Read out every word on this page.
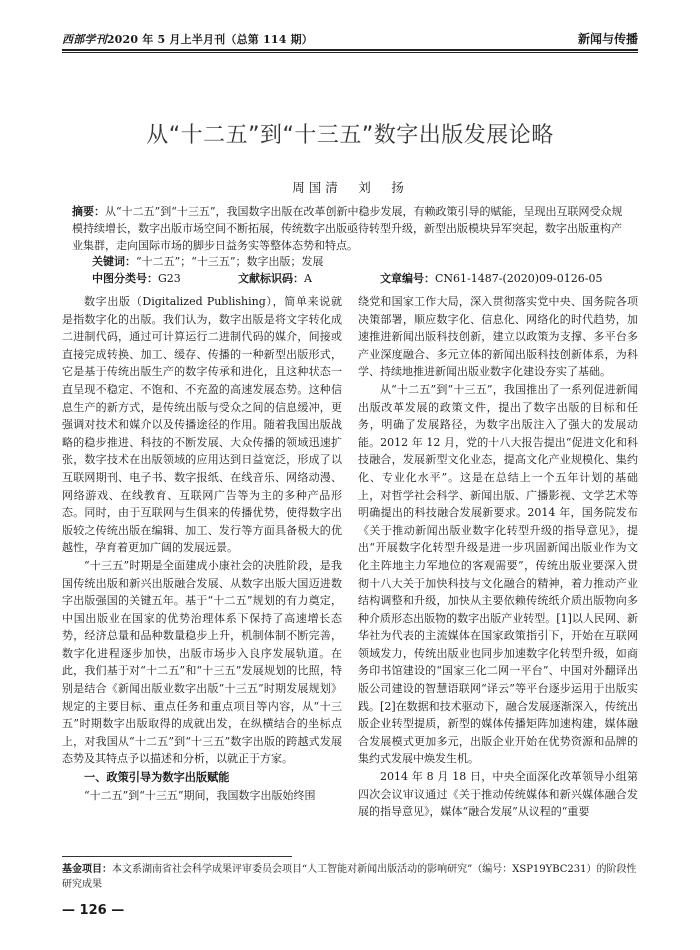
西部学刊2020 年 5 月上半月刊（总第 114 期）	新闻与传播
从“十二五”到“十三五”数字出版发展论略
周国清　刘　扬
摘要：从“十二五”到“十三五”，我国数字出版在改革创新中稳步发展，有赖政策引导的赋能，呈现出互联网受众规模持续增长，数字出版市场空间不断拓展，传统数字出版亟待转型升级，新型出版模块异军突起，数字出版重构产业集群，走向国际市场的脚步日益务实等整体态势和特点。
关键词：“十二五”；“十三五”；数字出版；发展
中图分类号：G23	文献标识码：A	文章编号：CN61-1487-(2020)09-0126-05

数字出版（Digitalized Publishing），简单来说就是指数字化的出版。我们认为，数字出版是将文字转化成二进制代码，通过可计算运行二进制代码的媒介，间接或直接完成转换、加工、缓存、传播的一种新型出版形式，它是基于传统出版生产的数字传承和进化，且这种状态一直呈现不稳定、不饱和、不充盈的高速发展态势。这种信息生产的新方式，是传统出版与受众之间的信息缓冲，更强调对技术和媒介以及传播途径的作用。随着我国出版战略的稳步推进、科技的不断发展、大众传播的领域迅速扩张，数字技术在出版领域的应用达到日益宽泛，形成了以互联网期刊、电子书、数字报纸、在线音乐、网络动漫、网络游戏、在线教育、互联网广告等为主的多种产品形态。同时，由于互联网与生俱来的传播优势，使得数字出版较之传统出版在编辑、加工、发行等方面具备极大的优越性，孕育着更加广阔的发展远景。

“十三五”时期是全面建成小康社会的决胜阶段，是我国传统出版和新兴出版融合发展、从数字出版大国迈进数字出版强国的关键五年。基于“十二五”规划的有力奠定，中国出版业在国家的优势治理体系下保持了高速增长态势，经济总量和品种数量稳步上升，机制体制不断完善，数字化进程逐步加快，出版市场步入良序发展轨道。在此，我们基于对“十二五”和“十三五”发展规划的比照，特别是结合《新闻出版业数字出版“十三五”时期发展规划》规定的主要目标、重点任务和重点项目等内容，从“十三五”时期数字出版取得的成就出发，在纵横结合的坐标点上，对我国从“十二五”到“十三五”数字出版的跨越式发展态势及其特点予以描述和分析，以就正于方家。

一、政策引导为数字出版赋能

“十二五”到“十三五”期间，我国数字出版始终围

绕党和国家工作大局，深入贯彻落实党中央、国务院各项决策部署，顺应数字化、信息化、网络化的时代趋势，加速推进新闻出版科技创新，建立以政策为支撑、多平台多产业深度融合、多元立体的新闻出版科技创新体系，为科学、持续地推进新闻出版业数字化建设夯实了基础。

从“十二五”到“十三五”，我国推出了一系列促进新闻出版改革发展的政策文件，提出了数字出版的目标和任务，明确了发展路径，为数字出版注入了强大的发展动能。2012 年 12 月，党的十八大报告提出“促进文化和科技融合，发展新型文化业态，提高文化产业规模化、集约化、专业化水平”。这是在总结上一个五年计划的基础上，对哲学社会科学、新闻出版、广播影视、文学艺术等明确提出的科技融合发展新要求。2014 年，国务院发布《关于推动新闻出版业数字化转型升级的指导意见》，提出“开展数字化转型升级是进一步巩固新闻出版业作为文化主阵地主力军地位的客观需要”，传统出版业要深入贯彻十八大关于加快科技与文化融合的精神，着力推动产业结构调整和升级，加快从主要依赖传统纸介质出版物向多种介质形态出版物的数字出版产业转型。[1]以人民网、新华社为代表的主流媒体在国家政策指引下，开始在互联网领域发力，传统出版业也同步加速数字化转型升级，如商务印书馆建设的“国家三化二网一平台”、中国对外翻译出版公司建设的智慧语联网“译云”等平台逐步运用于出版实践。[2]在数据和技术驱动下，融合发展逐渐深入，传统出版企业转型提质，新型的媒体传播矩阵加速构建，媒体融合发展模式更加多元，出版企业开始在优势资源和品牌的集约式发展中焕发生机。

2014 年 8 月 18 日，中央全面深化改革领导小组第四次会议审议通过《关于推动传统媒体和新兴媒体融合发展的指导意见》，媒体“融合发展”从议程的“重要

基金项目：本文系湖南省社会科学成果评审委员会项目“人工智能对新闻出版活动的影响研究”（编号：XSP19YBC231）的阶段性研究成果
— 126 —
